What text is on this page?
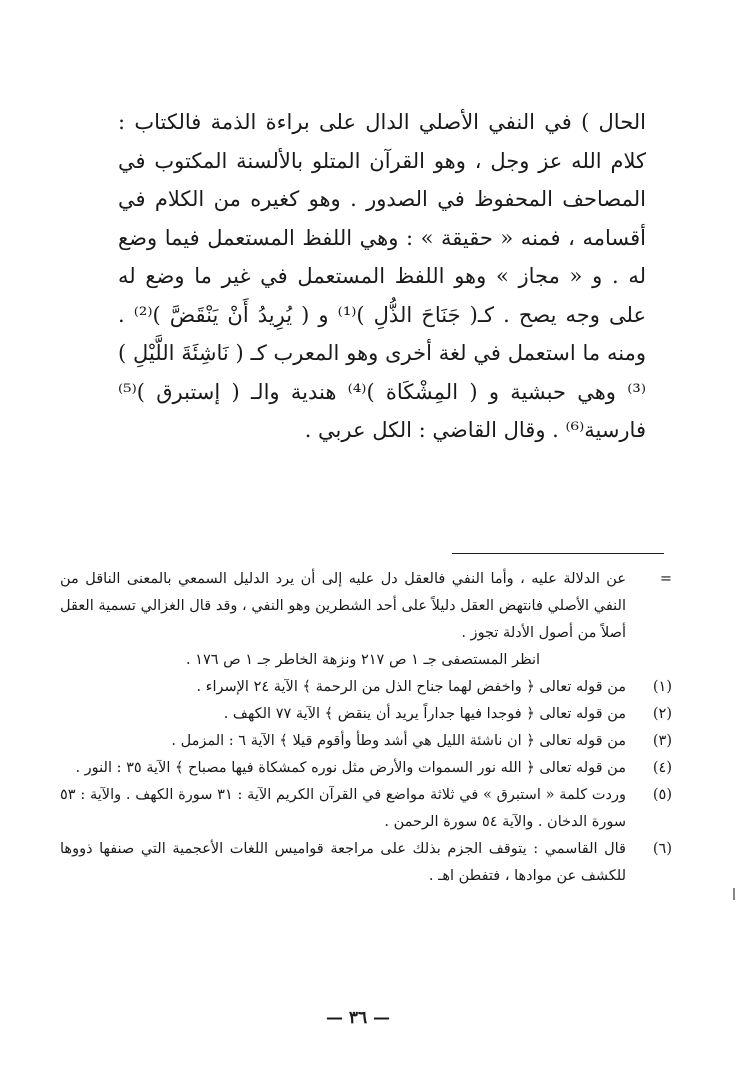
الحال ) في النفي الأصلي الدال على براءة الذمة فالكتاب : كلام الله عز وجل ، وهو القرآن المتلو بالألسنة المكتوب في المصاحف المحفوظ في الصدور . وهو كغيره من الكلام في أقسامه ، فمنه « حقيقة » : وهي اللفظ المستعمل فيما وضع له . و « مجاز » وهو اللفظ المستعمل في غير ما وضع له على وجه يصح . كـ( جَنَاحَ الذُّلِ )⁽¹⁾ و ( يُرِيدُ أَنْ يَنْقَضَّ )⁽²⁾ . ومنه ما استعمل في لغة أخرى وهو المعرب كـ ( نَاشِئَةَ اللَّيْلِ )⁽³⁾ وهي حبشية و ( المِشْكَاة )⁽⁴⁾ هندية والـ ( إستبرق )⁽⁵⁾ فارسية⁽⁶⁾ . وقال القاضي : الكل عربي .

=
عن الدلالة عليه ، وأما النفي فالعقل دل عليه إلى أن يرد الدليل السمعي بالمعنى الناقل من النفي الأصلي فانتهض العقل دليلاً على أحد الشطرين وهو النفي ، وقد قال الغزالي تسمية العقل أصلاً من أصول الأدلة تجوز .
انظر المستصفى جـ ١ ص ٢١٧ ونزهة الخاطر جـ ١ ص ١٧٦ .
(١)
من قوله تعالى ﴿ واخفض لهما جناح الذل من الرحمة ﴾ الآية ٢٤ الإسراء .
(٢)
من قوله تعالى ﴿ فوجدا فيها جداراً يريد أن ينقض ﴾ الآية ٧٧ الكهف .
(٣)
من قوله تعالى ﴿ ان ناشئة الليل هي أشد وطأ وأقوم قيلا ﴾ الآية ٦ : المزمل .
(٤)
من قوله تعالى ﴿ الله نور السموات والأرض مثل نوره كمشكاة فيها مصباح ﴾ الآية ٣٥ : النور .
(٥)
وردت كلمة « استبرق » في ثلاثة مواضع في القرآن الكريم الآية : ٣١ سورة الكهف . والآية : ٥٣ سورة الدخان . والآية ٥٤ سورة الرحمن .
(٦)
قال القاسمي : يتوقف الجزم بذلك على مراجعة قواميس اللغات الأعجمية التي صنفها ذووها للكشف عن موادها ، فتفطن اهـ .
— ٣٦ —
